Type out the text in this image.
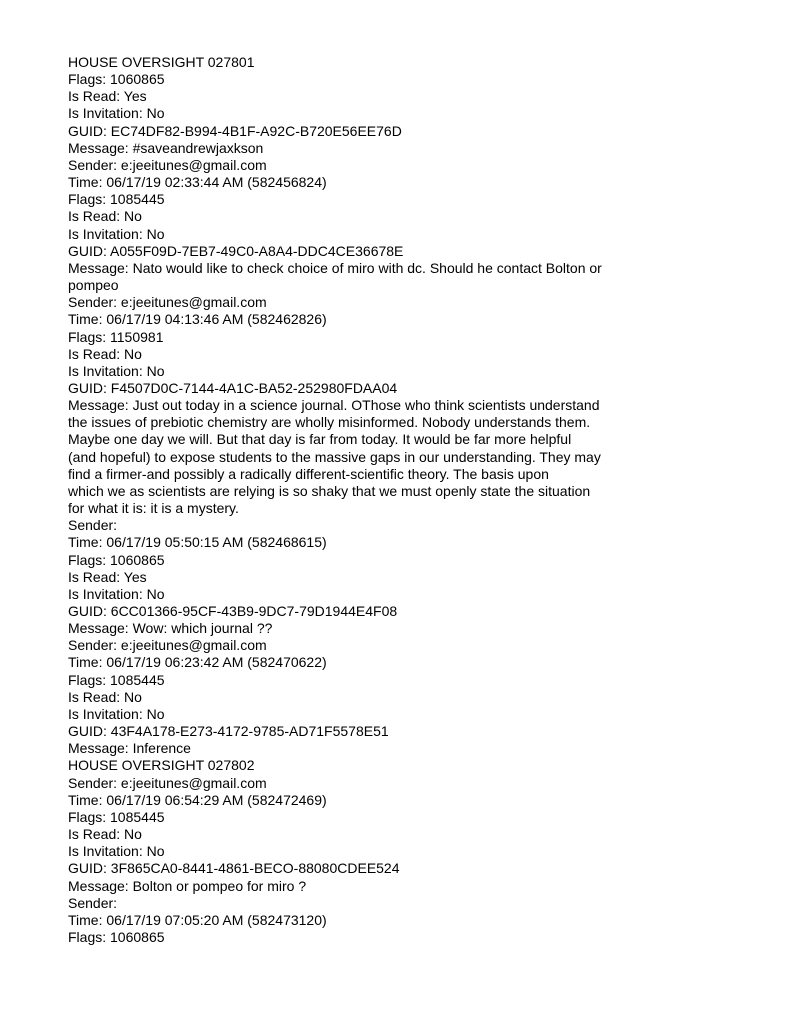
HOUSE OVERSIGHT 027801
Flags: 1060865
Is Read: Yes
Is Invitation: No
GUID: EC74DF82-B994-4B1F-A92C-B720E56EE76D
Message: #saveandrewjaxkson
Sender: e:jeeitunes@gmail.com
Time: 06/17/19 02:33:44 AM (582456824)
Flags: 1085445
Is Read: No
Is Invitation: No
GUID: A055F09D-7EB7-49C0-A8A4-DDC4CE36678E
Message: Nato would like to check choice of miro with dc. Should he contact Bolton or
pompeo
Sender: e:jeeitunes@gmail.com
Time: 06/17/19 04:13:46 AM (582462826)
Flags: 1150981
Is Read: No
Is Invitation: No
GUID: F4507D0C-7144-4A1C-BA52-252980FDAA04
Message: Just out today in a science journal. OThose who think scientists understand
the issues of prebiotic chemistry are wholly misinformed. Nobody understands them.
Maybe one day we will. But that day is far from today. It would be far more helpful
(and hopeful) to expose students to the massive gaps in our understanding. They may
find a firmer-and possibly a radically different-scientific theory. The basis upon
which we as scientists are relying is so shaky that we must openly state the situation
for what it is: it is a mystery.
Sender:
Time: 06/17/19 05:50:15 AM (582468615)
Flags: 1060865
Is Read: Yes
Is Invitation: No
GUID: 6CC01366-95CF-43B9-9DC7-79D1944E4F08
Message: Wow: which journal ??
Sender: e:jeeitunes@gmail.com
Time: 06/17/19 06:23:42 AM (582470622)
Flags: 1085445
Is Read: No
Is Invitation: No
GUID: 43F4A178-E273-4172-9785-AD71F5578E51
Message: Inference
HOUSE OVERSIGHT 027802
Sender: e:jeeitunes@gmail.com
Time: 06/17/19 06:54:29 AM (582472469)
Flags: 1085445
Is Read: No
Is Invitation: No
GUID: 3F865CA0-8441-4861-BECO-88080CDEE524
Message: Bolton or pompeo for miro ?
Sender:
Time: 06/17/19 07:05:20 AM (582473120)
Flags: 1060865
